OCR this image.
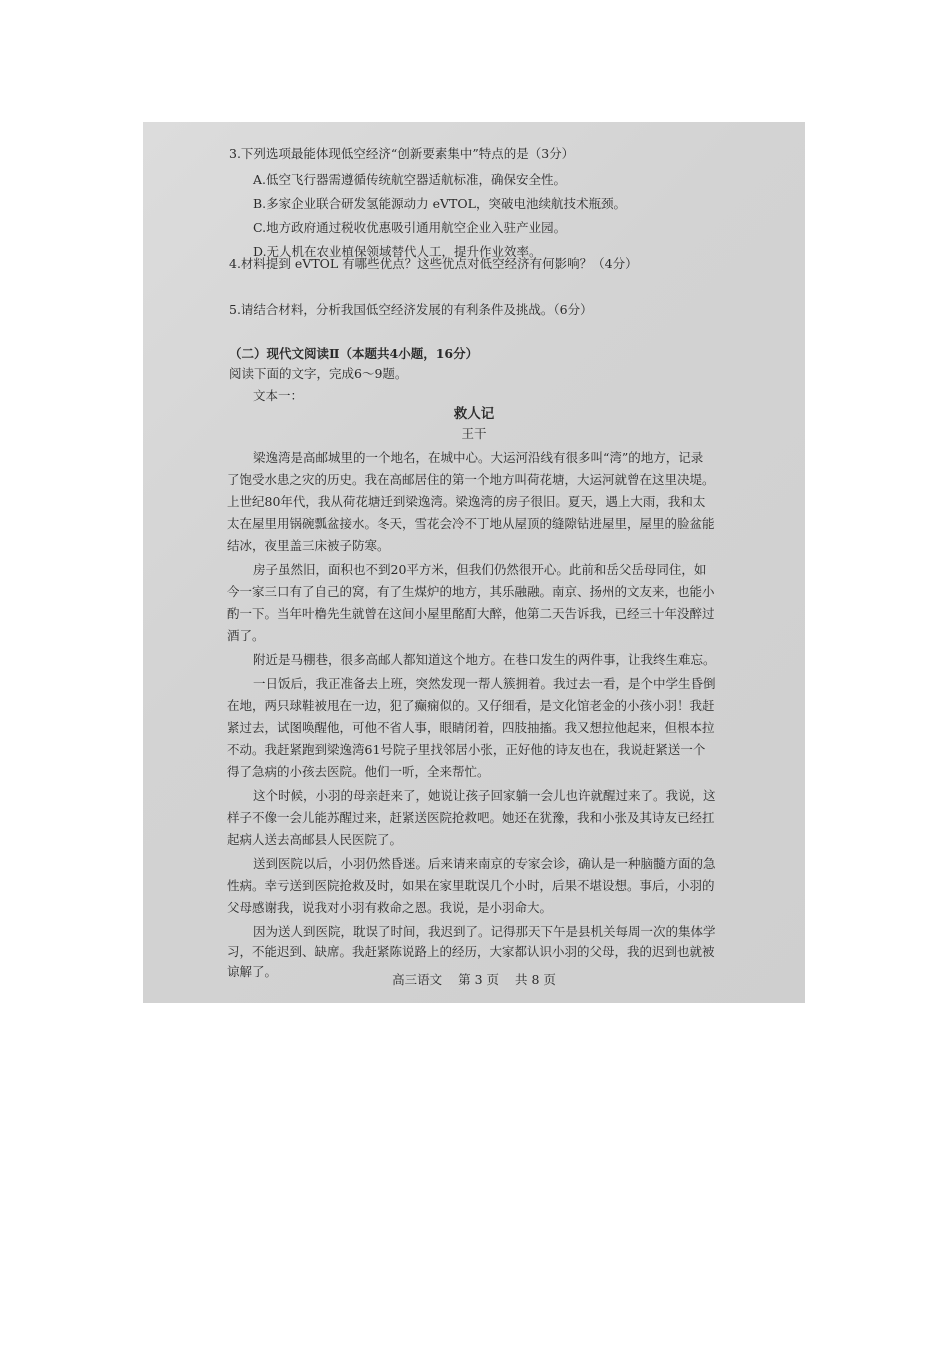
3.下列选项最能体现低空经济“创新要素集中”特点的是（3分）
A.低空飞行器需遵循传统航空器适航标准，确保安全性。
B.多家企业联合研发氢能源动力 eVTOL，突破电池续航技术瓶颈。
C.地方政府通过税收优惠吸引通用航空企业入驻产业园。
D.无人机在农业植保领域替代人工，提升作业效率。
4.材料提到 eVTOL 有哪些优点？这些优点对低空经济有何影响？（4分）
5.请结合材料，分析我国低空经济发展的有利条件及挑战。（6分）
（二）现代文阅读Ⅱ（本题共4小题，16分）
阅读下面的文字，完成6～9题。
文本一：
救人记
王干
梁逸湾是高邮城里的一个地名，在城中心。大运河沿线有很多叫“湾”的地方，记录
了饱受水患之灾的历史。我在高邮居住的第一个地方叫荷花塘，大运河就曾在这里决堤。
上世纪80年代，我从荷花塘迁到梁逸湾。梁逸湾的房子很旧。夏天，遇上大雨，我和太
太在屋里用锅碗瓢盆接水。冬天，雪花会冷不丁地从屋顶的缝隙钻进屋里，屋里的脸盆能
结冰，夜里盖三床被子防寒。
房子虽然旧，面积也不到20平方米，但我们仍然很开心。此前和岳父岳母同住，如
今一家三口有了自己的窝，有了生煤炉的地方，其乐融融。南京、扬州的文友来，也能小
酌一下。当年叶橹先生就曾在这间小屋里酩酊大醉，他第二天告诉我，已经三十年没醉过
酒了。
附近是马棚巷，很多高邮人都知道这个地方。在巷口发生的两件事，让我终生难忘。
一日饭后，我正准备去上班，突然发现一帮人簇拥着。我过去一看，是个中学生昏倒
在地，两只球鞋被甩在一边，犯了癫痫似的。又仔细看，是文化馆老金的小孩小羽！我赶
紧过去，试图唤醒他，可他不省人事，眼睛闭着，四肢抽搐。我又想拉他起来，但根本拉
不动。我赶紧跑到梁逸湾61号院子里找邻居小张，正好他的诗友也在，我说赶紧送一个
得了急病的小孩去医院。他们一听，全来帮忙。
这个时候，小羽的母亲赶来了，她说让孩子回家躺一会儿也许就醒过来了。我说，这
样子不像一会儿能苏醒过来，赶紧送医院抢救吧。她还在犹豫，我和小张及其诗友已经扛
起病人送去高邮县人民医院了。
送到医院以后，小羽仍然昏迷。后来请来南京的专家会诊，确认是一种脑髓方面的急
性病。幸亏送到医院抢救及时，如果在家里耽误几个小时，后果不堪设想。事后，小羽的
父母感谢我，说我对小羽有救命之恩。我说，是小羽命大。
因为送人到医院，耽误了时间，我迟到了。记得那天下午是县机关每周一次的集体学
习，不能迟到、缺席。我赶紧陈说路上的经历，大家都认识小羽的父母，我的迟到也就被
谅解了。
高三语文 第 3 页 共 8 页
